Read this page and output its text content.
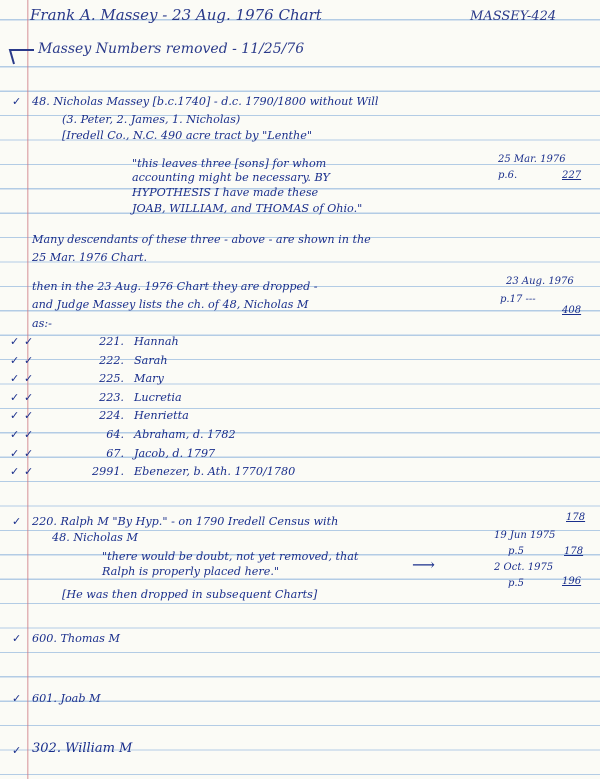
Frank A. Massey - 23 Aug. 1976 Chart	MASSEY-424
Massey Numbers removed - 11/25/76
✓ 48. Nicholas Massey [b.c.1740] - d.c. 1790/1800 without Will
(3. Peter, 2. James, 1. Nicholas)
[Iredell Co., N.C. 490 acre tract by "Lenthe"
"this leaves three [sons] for whom
accounting might be necessary. BY
HYPOTHESIS I have made these
JOAB, WILLIAM, and THOMAS of Ohio."
25 Mar. 1976
p.6.	227
Many descendants of these three - above - are shown in the
25 Mar. 1976 Chart.
then in the 23 Aug. 1976 Chart they are dropped -
and Judge Massey lists the ch. of 48, Nicholas M
as:-
23 Aug. 1976
p.17 ---
408
✓ ✓	221. Hannah
✓ ✓	222. Sarah
✓ ✓	225. Mary
✓ ✓	223. Lucretia
✓ ✓	224. Henrietta
✓ ✓	64. Abraham, d. 1782
✓ ✓	67. Jacob, d. 1797
✓ ✓	2991. Ebenezer, b. Ath. 1770/1780
✓ 220. Ralph M "By Hyp." - on 1790 Iredell Census with
48. Nicholas M
"there would be doubt, not yet removed, that
Ralph is properly placed here."	⟶
[He was then dropped in subsequent Charts]
178
19 Jun 1975
p.5	178
2 Oct. 1975
p.5	196
✓ 600. Thomas M
✓ 601. Joab M
✓ 302. William M
